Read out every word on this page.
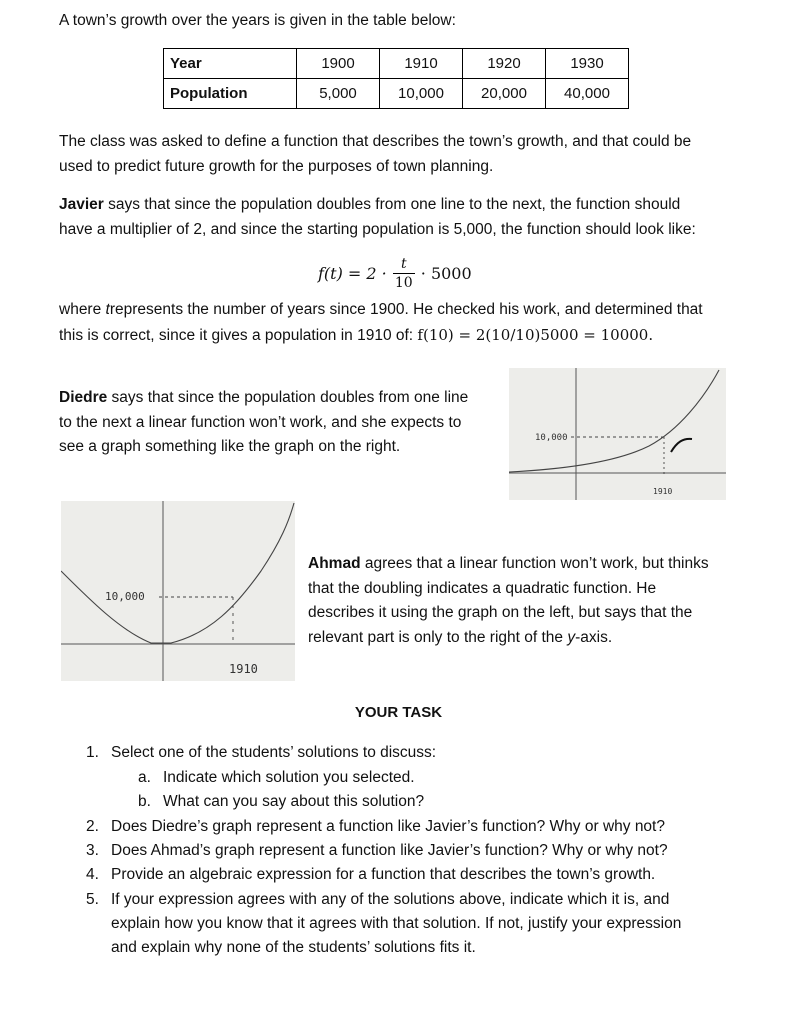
A town’s growth over the years is given in the table below:

Year	1900	1910	1920	1930
Population	5,000	10,000	20,000	40,000

The class was asked to define a function that describes the town’s growth, and that could be

used to predict future growth for the purposes of town planning.

Javier says that since the population doubles from one line to the next, the function should

have a multiplier of 2, and since the starting population is 5,000, the function should look like:

f(t) = 2 · t
10 · 5000

where trepresents the number of years since 1900. He checked his work, and determined that

this is correct, since it gives a population in 1910 of: f(10) = 2(10/10)5000 = 10000.

Diedre says that since the population doubles from one line

to the next a linear function won’t work, and she expects to

see a graph something like the graph on the right.	10,000
1910
10,000
1910

Ahmad agrees that a linear function won’t work, but thinks

that the doubling indicates a quadratic function. He

describes it using the graph on the left, but says that the

relevant part is only to the right of the y-axis.

YOUR TASK
1. Select one of the students’ solutions to discuss:
a. Indicate which solution you selected.
b. What can you say about this solution?
2. Does Diedre’s graph represent a function like Javier’s function? Why or why not?
3. Does Ahmad’s graph represent a function like Javier’s function? Why or why not?
4. Provide an algebraic expression for a function that describes the town’s growth.
5. If your expression agrees with any of the solutions above, indicate which it is, and
explain how you know that it agrees with that solution. If not, justify your expression
and explain why none of the students’ solutions fits it.
